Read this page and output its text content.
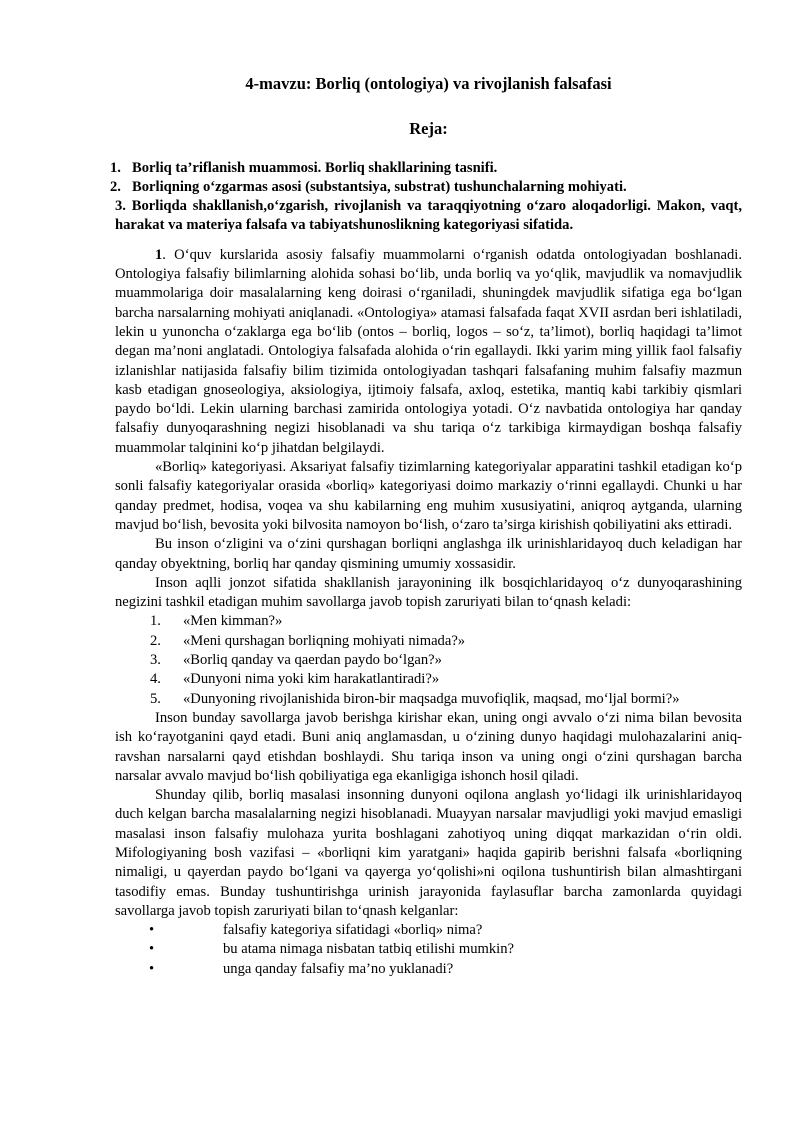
4-mavzu: Borliq (ontologiya) va rivojlanish falsafasi
Reja:
1. Borliq ta’riflanish muammosi. Borliq shakllarining tasnifi.
2. Borliqning o‘zgarmas asosi (substantsiya, substrat) tushunchalarning mohiyati.
3. Borliqda shakllanish,o‘zgarish, rivojlanish va taraqqiyotning o‘zaro aloqadorligi. Makon, vaqt, harakat va materiya falsafa va tabiyatshunoslikning kategoriyasi sifatida.

1. O‘quv kurslarida asosiy falsafiy muammolarni o‘rganish odatda ontologiyadan boshlanadi. Ontologiya falsafiy bilimlarning alohida sohasi bo‘lib, unda borliq va yo‘qlik, mavjudlik va nomavjudlik muammolariga doir masalalarning keng doirasi o‘rganiladi, shuningdek mavjudlik sifatiga ega bo‘lgan barcha narsalarning mohiyati aniqlanadi. «Ontologiya» atamasi falsafada faqat XVII asrdan beri ishlatiladi, lekin u yunoncha o‘zaklarga ega bo‘lib (ontos – borliq, logos – so‘z, ta’limot), borliq haqidagi ta’limot degan ma’noni anglatadi. Ontologiya falsafada alohida o‘rin egallaydi. Ikki yarim ming yillik faol falsafiy izlanishlar natijasida falsafiy bilim tizimida ontologiyadan tashqari falsafaning muhim falsafiy mazmun kasb etadigan gnoseologiya, aksiologiya, ijtimoiy falsafa, axloq, estetika, mantiq kabi tarkibiy qismlari paydo bo‘ldi. Lekin ularning barchasi zamirida ontologiya yotadi. O‘z navbatida ontologiya har qanday falsafiy dunyoqarashning negizi hisoblanadi va shu tariqa o‘z tarkibiga kirmaydigan boshqa falsafiy muammolar talqinini ko‘p jihatdan belgilaydi.

«Borliq» kategoriyasi. Aksariyat falsafiy tizimlarning kategoriyalar apparatini tashkil etadigan ko‘p sonli falsafiy kategoriyalar orasida «borliq» kategoriyasi doimo markaziy o‘rinni egallaydi. Chunki u har qanday predmet, hodisa, voqea va shu kabilarning eng muhim xususiyatini, aniqroq aytganda, ularning mavjud bo‘lish, bevosita yoki bilvosita namoyon bo‘lish, o‘zaro ta’sirga kirishish qobiliyatini aks ettiradi.

Bu inson o‘zligini va o‘zini qurshagan borliqni anglashga ilk urinishlaridayoq duch keladigan har qanday obyektning, borliq har qanday qismining umumiy xossasidir.

Inson aqlli jonzot sifatida shakllanish jarayonining ilk bosqichlaridayoq o‘z dunyoqarashining negizini tashkil etadigan muhim savollarga javob topish zaruriyati bilan to‘qnash keladi:

1.	«Men kimman?»
2.	«Meni qurshagan borliqning mohiyati nimada?»
3.	«Borliq qanday va qaerdan paydo bo‘lgan?»
4.	«Dunyoni nima yoki kim harakatlantiradi?»
5.	«Dunyoning rivojlanishida biron-bir maqsadga muvofiqlik, maqsad, mo‘ljal bormi?»

Inson bunday savollarga javob berishga kirishar ekan, uning ongi avvalo o‘zi nima bilan bevosita ish ko‘rayotganini qayd etadi. Buni aniq anglamasdan, u o‘zining dunyo haqidagi mulohazalarini aniq-ravshan narsalarni qayd etishdan boshlaydi. Shu tariqa inson va uning ongi o‘zini qurshagan barcha narsalar avvalo mavjud bo‘lish qobiliyatiga ega ekanligiga ishonch hosil qiladi.

Shunday qilib, borliq masalasi insonning dunyoni oqilona anglash yo‘lidagi ilk urinishlaridayoq duch kelgan barcha masalalarning negizi hisoblanadi. Muayyan narsalar mavjudligi yoki mavjud emasligi masalasi inson falsafiy mulohaza yurita boshlagani zahotiyoq uning diqqat markazidan o‘rin oldi. Mifologiyaning bosh vazifasi – «borliqni kim yaratgani» haqida gapirib berishni falsafa «borliqning nimaligi, u qayerdan paydo bo‘lgani va qayerga yo‘qolishi»ni oqilona tushuntirish bilan almashtirgani tasodifiy emas. Bunday tushuntirishga urinish jarayonida faylasuflar barcha zamonlarda quyidagi savollarga javob topish zaruriyati bilan to‘qnash kelganlar:

•	falsafiy kategoriya sifatidagi «borliq» nima?
•	bu atama nimaga nisbatan tatbiq etilishi mumkin?
•	unga qanday falsafiy ma’no yuklanadi?
